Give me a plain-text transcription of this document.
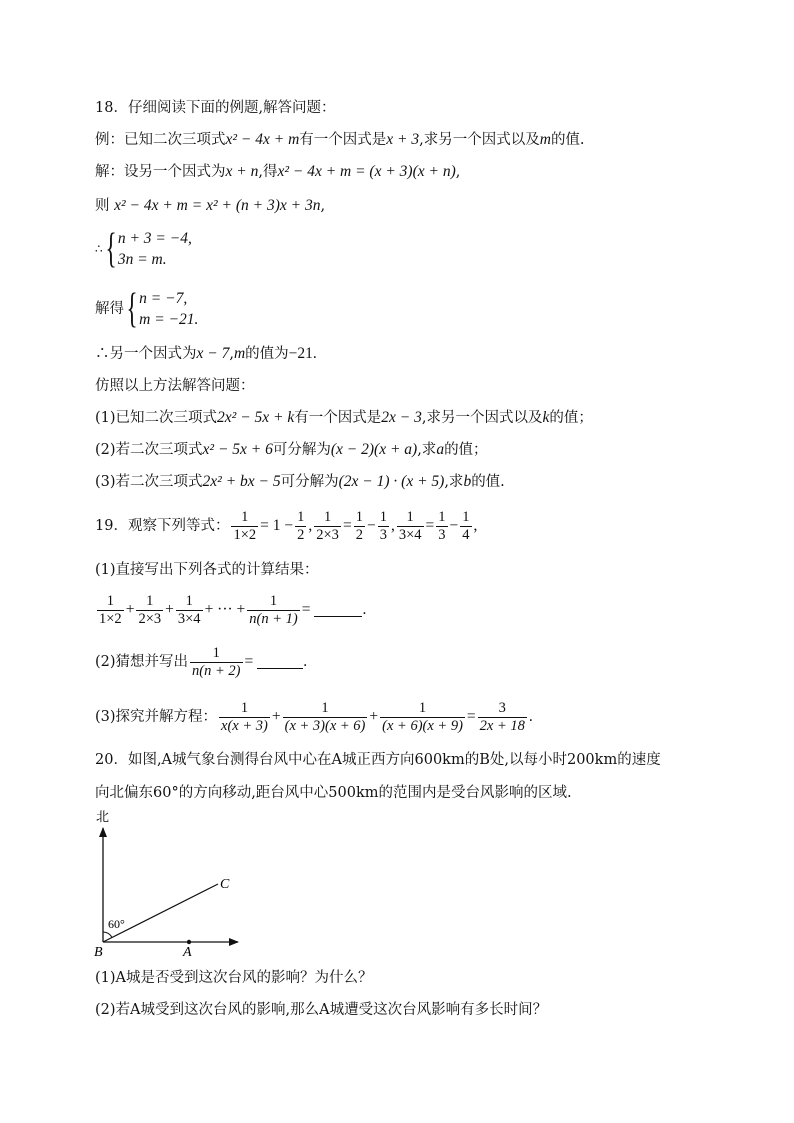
18．仔细阅读下面的例题,解答问题：
例：已知二次三项式x² − 4x + m有一个因式是x + 3,求另一个因式以及m的值.
解：设另一个因式为x + n,得x² − 4x + m = (x + 3)(x + n),
则 x² − 4x + m = x² + (n + 3)x + 3n,
∴ { n + 3 = −4,
3n = m.
解得 { n = −7,
m = −21.
∴另一个因式为x − 7,m的值为−21.
仿照以上方法解答问题：
(1)已知二次三项式2x² − 5x + k有一个因式是2x − 3,求另一个因式以及k的值；
(2)若二次三项式x² − 5x + 6可分解为(x − 2)(x + a),求a的值；
(3)若二次三项式2x² + bx − 5可分解为(2x − 1) · (x + 5),求b的值.
19．观察下列等式： $\frac{1}{1\times 2} = 1 - \frac{1}{2}$ , $\frac{1}{2\times 3} = \frac{1}{2} - \frac{1}{3}$ , $\frac{1}{3\times 4} = \frac{1}{3} - \frac{1}{4}$ ,
(1)直接写出下列各式的计算结果：
$\frac{1}{1\times 2} + \frac{1}{2\times 3} + \frac{1}{3\times 4}$ + ··· + $\frac{1}{n(n + 1)}$ =	.
(2)猜想并写出 $\frac{1}{n(n + 2)}$ =	.
(3)探究并解方程： $\frac{1}{x(x + 3)} + \frac{1}{(x + 3)(x + 6)} + \frac{1}{(x + 6)(x + 9)} = \frac{3}{2x + 18}$ .
20．如图,A城气象台测得台风中心在A城正西方向600km的B处,以每小时200km的速度
向北偏东60°的方向移动,距台风中心500km的范围内是受台风影响的区域.
北
C
60°
B	A
(1)A城是否受到这次台风的影响？为什么？
(2)若A城受到这次台风的影响,那么A城遭受这次台风影响有多长时间？
